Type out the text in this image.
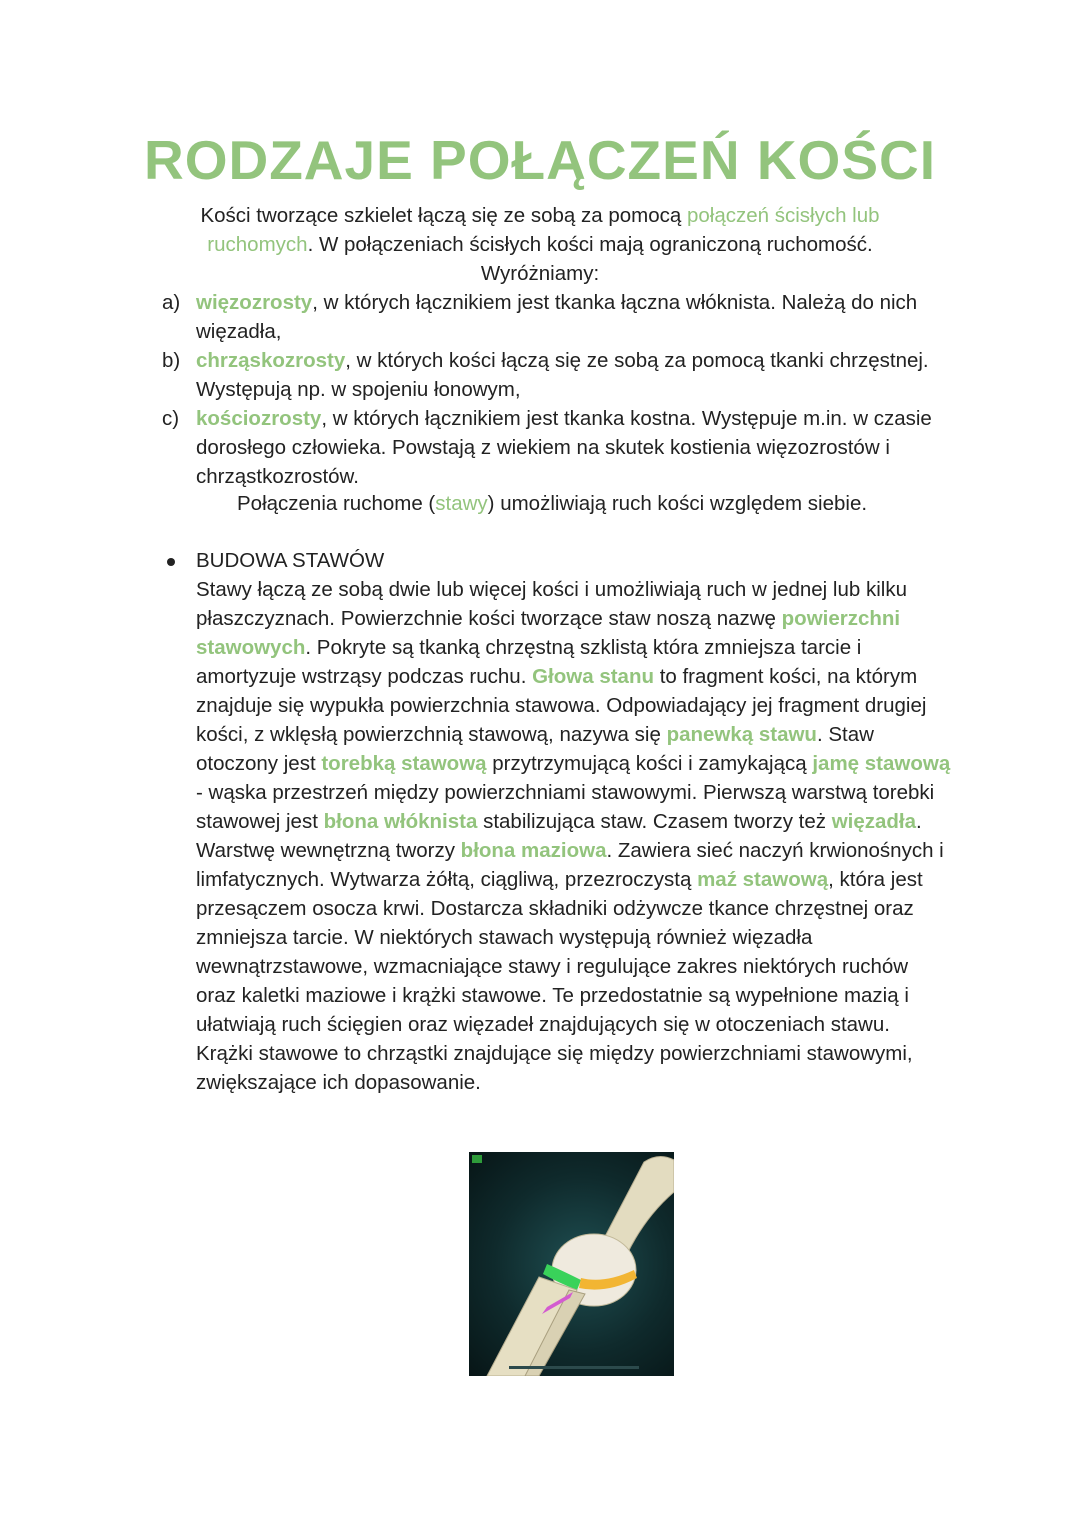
RODZAJE POŁĄCZEŃ KOŚCI
Kości tworzące szkielet łączą się ze sobą za pomocą połączeń ścisłych lub ruchomych. W połączeniach ścisłych kości mają ograniczoną ruchomość. Wyróżniamy:
a) więzozrosty, w których łącznikiem jest tkanka łączna włóknista. Należą do nich więzadła,
b) chrząskozrosty, w których kości łączą się ze sobą za pomocą tkanki chrzęstnej. Występują np. w spojeniu łonowym,
c) kościozrosty, w których łącznikiem jest tkanka kostna. Występuje m.in. w czasie dorosłego człowieka. Powstają z wiekiem na skutek kostienia więzozrostów i chrząstkozrostów.
Połączenia ruchome (stawy) umożliwiają ruch kości względem siebie.
BUDOWA STAWÓW
Stawy łączą ze sobą dwie lub więcej kości i umożliwiają ruch w jednej lub kilku płaszczyznach. Powierzchnie kości tworzące staw noszą nazwę powierzchni stawowych. Pokryte są tkanką chrzęstną szklistą która zmniejsza tarcie i amortyzuje wstrząsy podczas ruchu. Głowa stanu to fragment kości, na którym znajduje się wypukła powierzchnia stawowa. Odpowiadający jej fragment drugiej kości, z wklęsłą powierzchnią stawową, nazywa się panewką stawu. Staw otoczony jest torebką stawową przytrzymującą kości i zamykającą jamę stawową - wąska przestrzeń między powierzchniami stawowymi. Pierwszą warstwą torebki stawowej jest błona włóknista stabilizująca staw. Czasem tworzy też więzadła. Warstwę wewnętrzną tworzy błona maziowa. Zawiera sieć naczyń krwionośnych i limfatycznych. Wytwarza żółtą, ciągliwą, przezroczystą maź stawową, która jest przesączem osocza krwi. Dostarcza składniki odżywcze tkance chrzęstnej oraz zmniejsza tarcie. W niektórych stawach występują również więzadła wewnątrzstawowe, wzmacniające stawy i regulujące zakres niektórych ruchów oraz kaletki maziowe i krążki stawowe. Te przedostatnie są wypełnione mazią i ułatwiają ruch ścięgien oraz więzadeł znajdujących się w otoczeniach stawu. Krążki stawowe to chrząstki znajdujące się między powierzchniami stawowymi, zwiększające ich dopasowanie.
